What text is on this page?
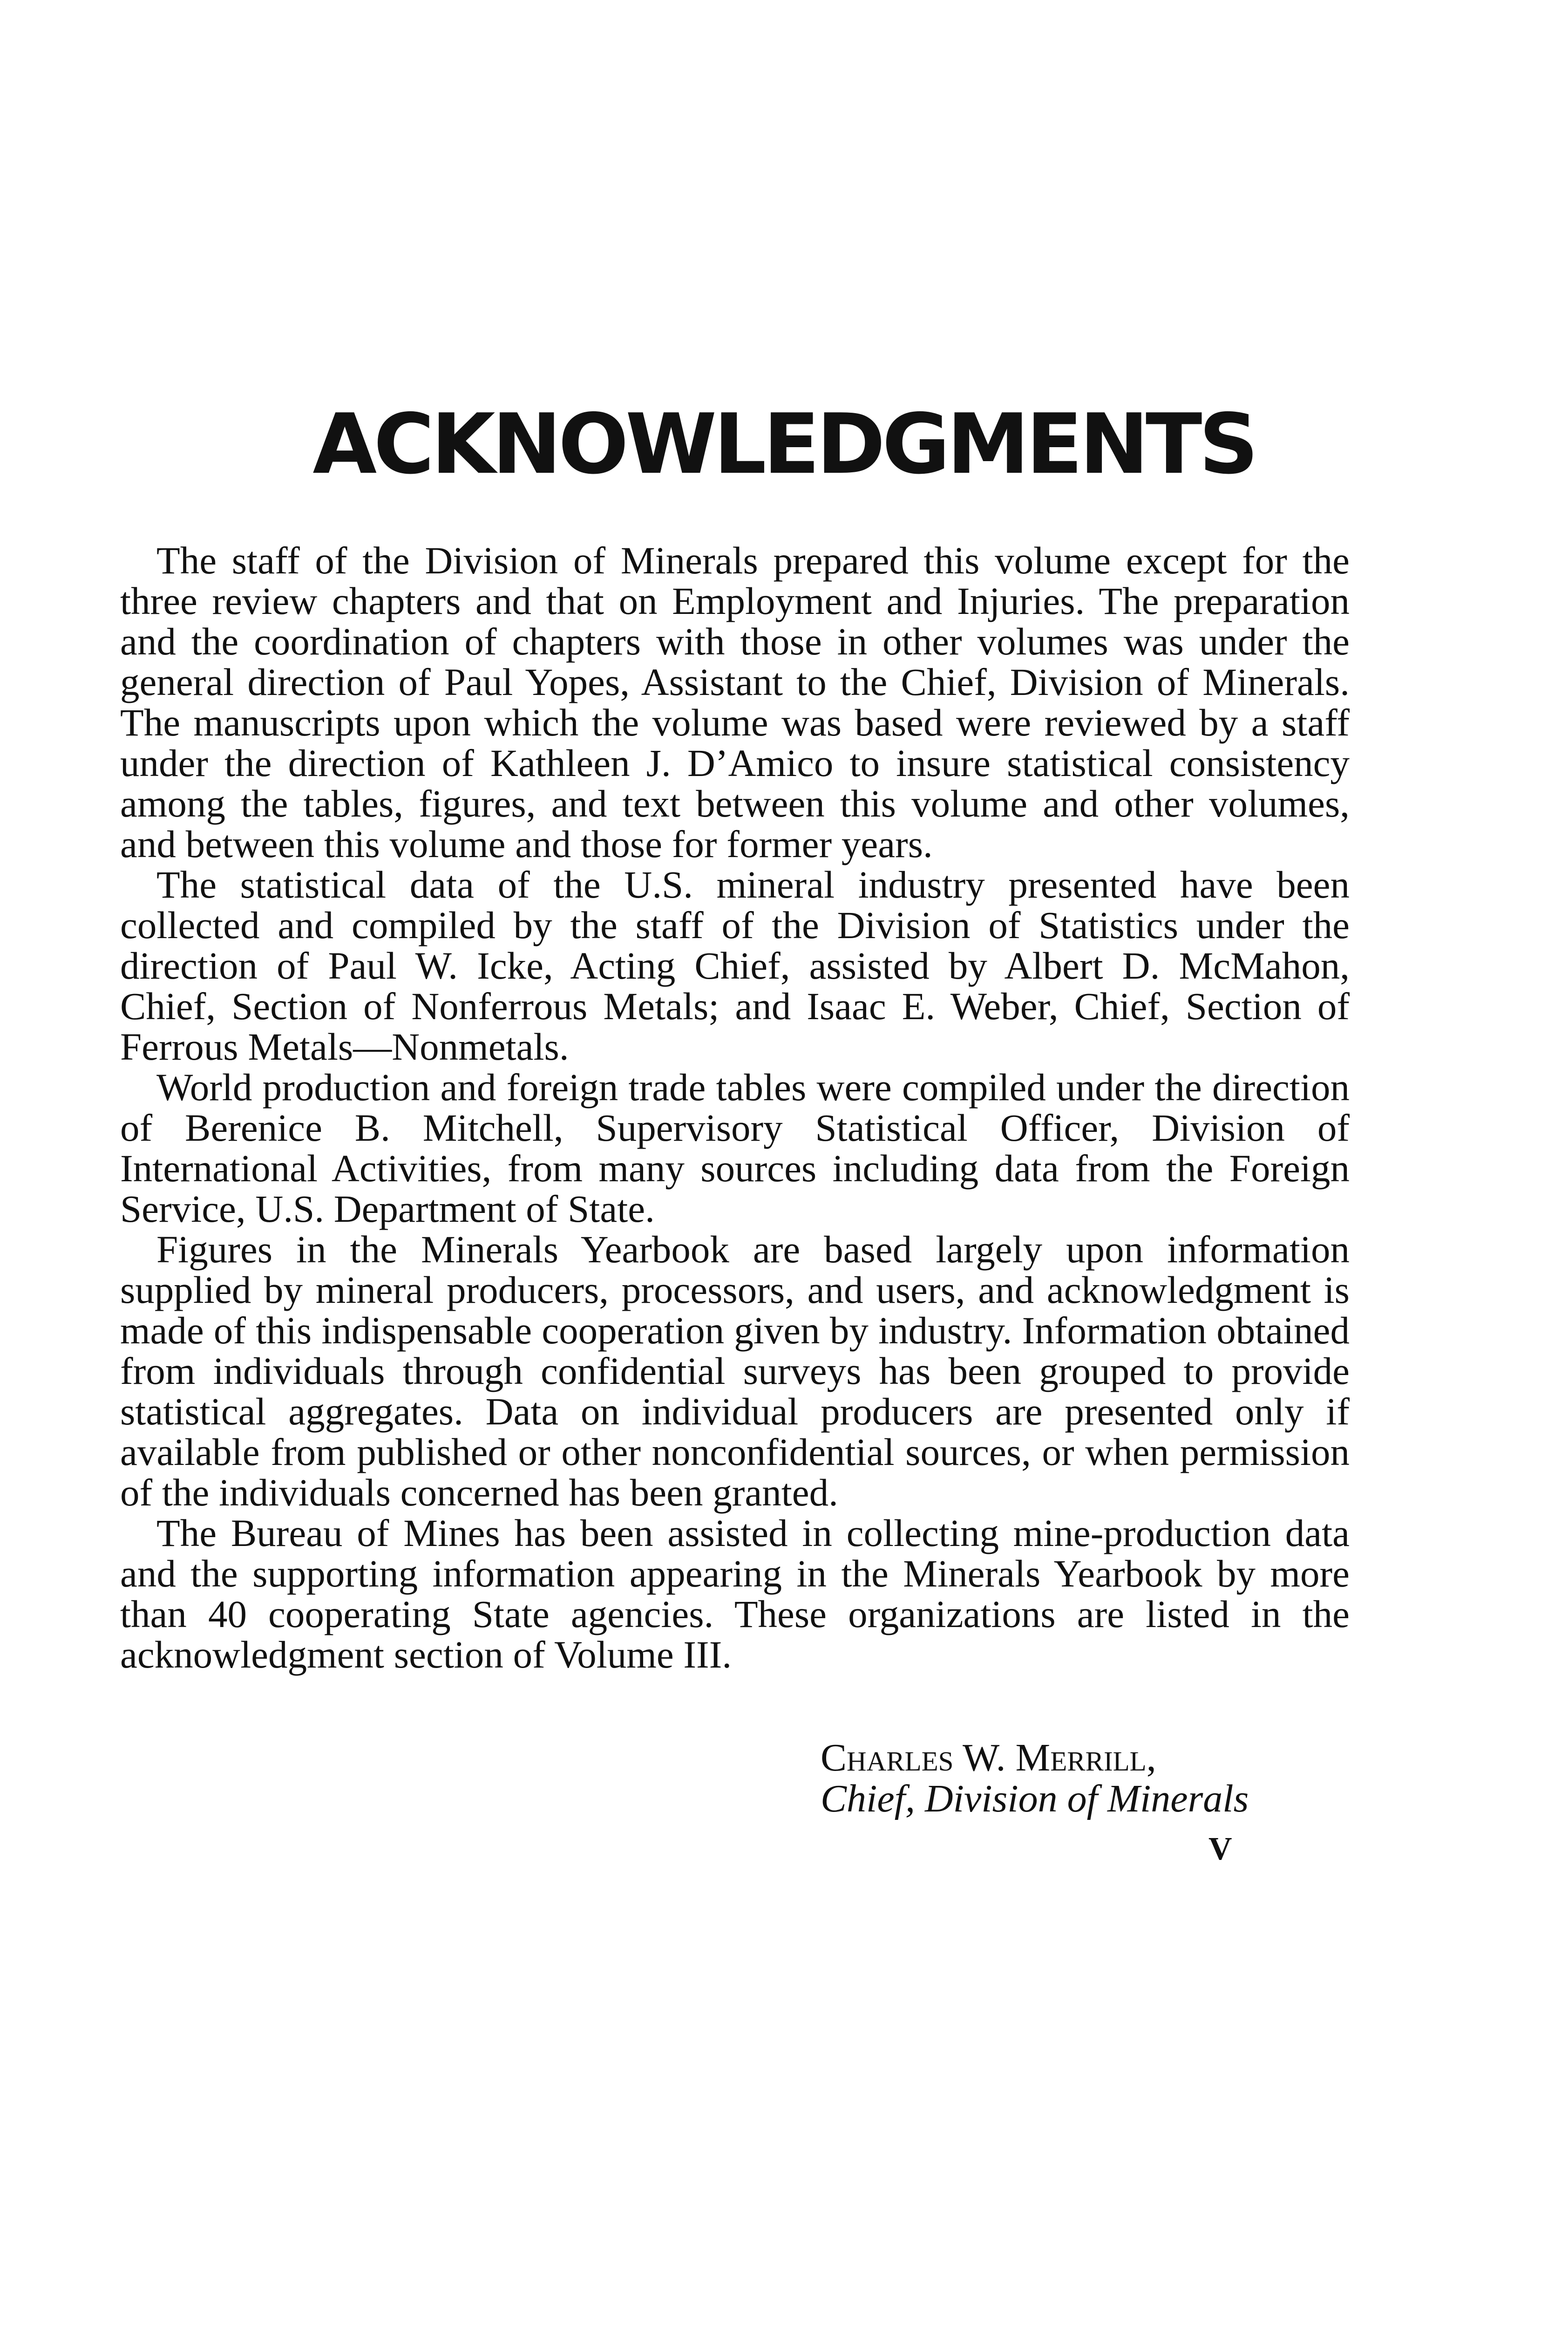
ACKNOWLEDGMENTS

The staff of the Division of Minerals prepared this volume except for the three review chapters and that on Employment and Injuries. The preparation and the coordination of chapters with those in other volumes was under the general direction of Paul Yopes, Assistant to the Chief, Division of Minerals. The manuscripts upon which the volume was based were reviewed by a staff under the direction of Kathleen J. D’Amico to insure statistical consistency among the tables, figures, and text between this volume and other volumes, and between this volume and those for former years.

The statistical data of the U.S. mineral industry presented have been collected and compiled by the staff of the Division of Statistics under the direction of Paul W. Icke, Acting Chief, assisted by Albert D. McMahon, Chief, Section of Nonferrous Metals; and Isaac E. Weber, Chief, Section of Ferrous Metals—Nonmetals.

World production and foreign trade tables were compiled under the direction of Berenice B. Mitchell, Supervisory Statistical Officer, Division of International Activities, from many sources including data from the Foreign Service, U.S. Department of State.

Figures in the Minerals Yearbook are based largely upon information supplied by mineral producers, processors, and users, and acknowledgment is made of this indispensable cooperation given by industry. Information obtained from individuals through confidential surveys has been grouped to provide statistical aggregates. Data on individual producers are presented only if available from published or other nonconfidential sources, or when permission of the individuals concerned has been granted.

The Bureau of Mines has been assisted in collecting mine-production data and the supporting information appearing in the Minerals Yearbook by more than 40 cooperating State agencies. These organizations are listed in the acknowledgment section of Volume III.

Charles W. Merrill,
Chief, Division of Minerals
V
